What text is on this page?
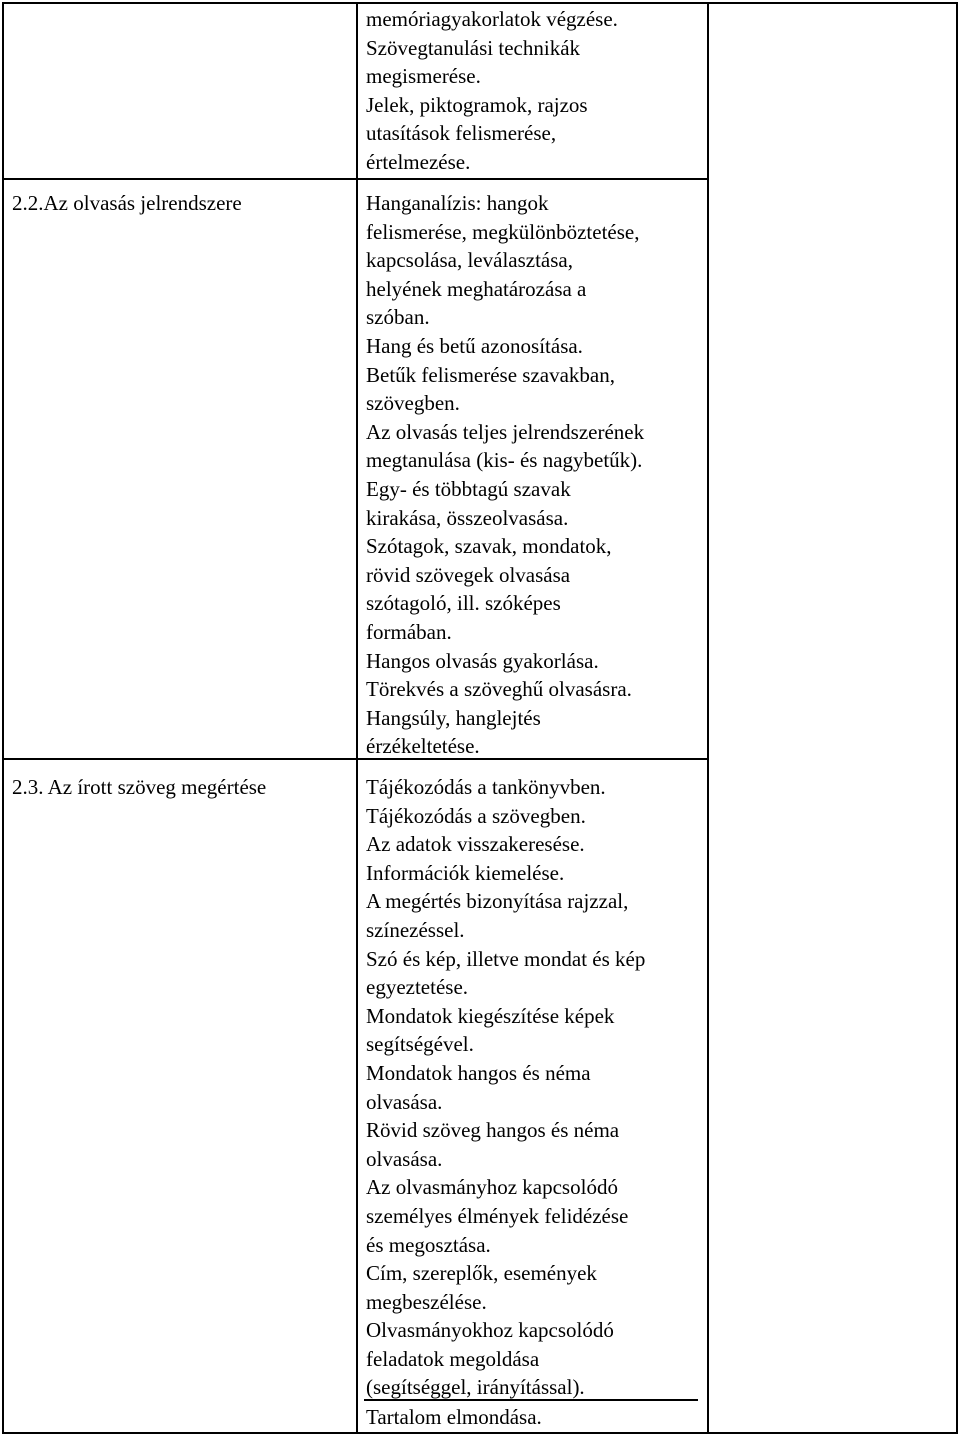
memóriagyakorlatok végzése.
Szövegtanulási technikák
megismerése.
Jelek, piktogramok, rajzos
utasítások felismerése,
értelmezése.
2.2.Az olvasás jelrendszere	Hanganalízis: hangok
felismerése, megkülönböztetése,
kapcsolása, leválasztása,
helyének meghatározása a
szóban.
Hang és betű azonosítása.
Betűk felismerése szavakban,
szövegben.
Az olvasás teljes jelrendszerének
megtanulása (kis- és nagybetűk).
Egy- és többtagú szavak
kirakása, összeolvasása.
Szótagok, szavak, mondatok,
rövid szövegek olvasása
szótagoló, ill. szóképes
formában.
Hangos olvasás gyakorlása.
Törekvés a szöveghű olvasásra.
Hangsúly, hanglejtés
érzékeltetése.
2.3. Az írott szöveg megértése	Tájékozódás a tankönyvben.
Tájékozódás a szövegben.
Az adatok visszakeresése.
Információk kiemelése.
A megértés bizonyítása rajzzal,
színezéssel.
Szó és kép, illetve mondat és kép
egyeztetése.
Mondatok kiegészítése képek
segítségével.
Mondatok hangos és néma
olvasása.
Rövid szöveg hangos és néma
olvasása.
Az olvasmányhoz kapcsolódó
személyes élmények felidézése
és megosztása.
Cím, szereplők, események
megbeszélése.
Olvasmányokhoz kapcsolódó
feladatok megoldása
(segítséggel, irányítással).
Tartalom elmondása.
